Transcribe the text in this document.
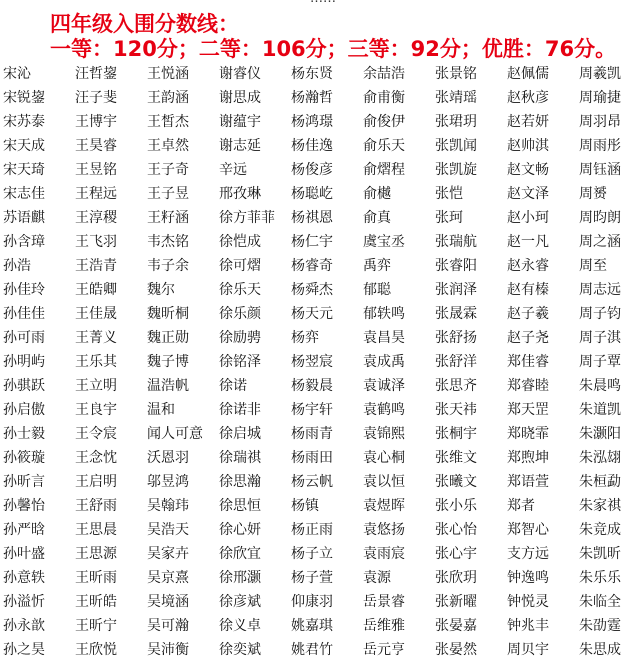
四年级入围分数线：
一等：120分；二等：106分；三等：92分；优胜：76分。
宋沁	汪哲鋆 王悦涵 谢睿仪 杨东贤 余喆浩 张景铭 赵佩儒 周羲凯
宋锐鋆 汪子斐 王韵涵 谢思成 杨瀚哲 俞甫衡 张靖瑶 赵秋彦 周瑜捷
宋苏泰 王博宇 王皙杰 谢蕴宇 杨鸿璟 俞俊伊 张珺玥 赵若妍 周羽昂
宋天成 王昊睿 王卓然 谢志延 杨佳逸 俞乐天 张凯闻 赵帅淇 周雨彤
宋天琦 王昱铭 王子奇 辛远	杨俊彦 俞熠程 张凯旋 赵文畅 周钰涵
宋志佳 王程远 王子昱 邢孜琳 杨聪屹 俞樾	张恺	赵文泽 周赟
苏语麒 王淳稷 王籽涵 徐方菲菲 杨祺恩 俞真	张珂	赵小珂 周昀朗
孙含璋 王飞羽 韦杰铭 徐恺成 杨仁宇 虞宝丞 张瑞航 赵一凡 周之涵
孙浩	王浩青 韦子余 徐可熠 杨睿奇 禹弈	张睿阳 赵永睿 周至
孙佳玲 王皓卿 魏尔	徐乐天 杨舜杰 郁聪	张润泽 赵有榛 周志远
孙佳佳 王佳晟 魏昕桐 徐乐颜 杨天元 郁轶鸣 张晟霖 赵子羲 周子钧
孙可雨 王菁义 魏正勋 徐励骋 杨弈	袁昌昊 张舒扬 赵子尧 周子淇
孙明屿 王乐其 魏子博 徐铭泽 杨翌宸 袁成禹 张舒洋 郑佳睿 周子覃
孙骐跃 王立明 温浩帆 徐诺	杨毅晨 袁诚泽 张思齐 郑睿睦 朱晨鸣
孙启傲 王良宇 温和	徐诺非 杨宇轩 袁鹤鸣 张天祎 郑天罡 朱道凯
孙士毅 王令宸 闻人可意 徐启城 杨雨青 袁锦熙 张桐宇 郑晓霏 朱灏阳
孙筱璇 王念忱 沃恩羽 徐瑞祺 杨雨田 袁心桐 张维文 郑煦坤 朱泓翃
孙昕言 王启明 邬昱鸿 徐思瀚 杨云帆 袁以恒 张曦文 郑语萱 朱桓勐
孙馨怡 王舒雨 吴翰玮 徐思恒 杨镇	袁煜晖 张小乐 郑者	朱家祺
孙严晗 王思晨 吴浩天 徐心妍 杨正雨 袁悠扬 张心怡 郑智心 朱竞成
孙叶盛 王思源 吴家卉 徐欣宜 杨子立 袁雨宸 张心宇 支方远 朱凯昕
孙意轶 王昕雨 吴京熹 徐邢灏 杨子萱 袁源	张欣玥 钟逸鸣 朱乐乐
孙溢忻 王昕皓 吴境涵 徐彦斌 仰康羽 岳景睿 张新曜 钟悦灵 朱临全
孙永歆 王昕宁 吴可瀚 徐义卓 姚嘉琪 岳维雅 张晏嘉 钟兆丰 朱劭霆
孙之昊 王欣悦 吴沛衡 徐奕斌 姚君竹 岳元亨 张晏然 周贝宇 朱思成
